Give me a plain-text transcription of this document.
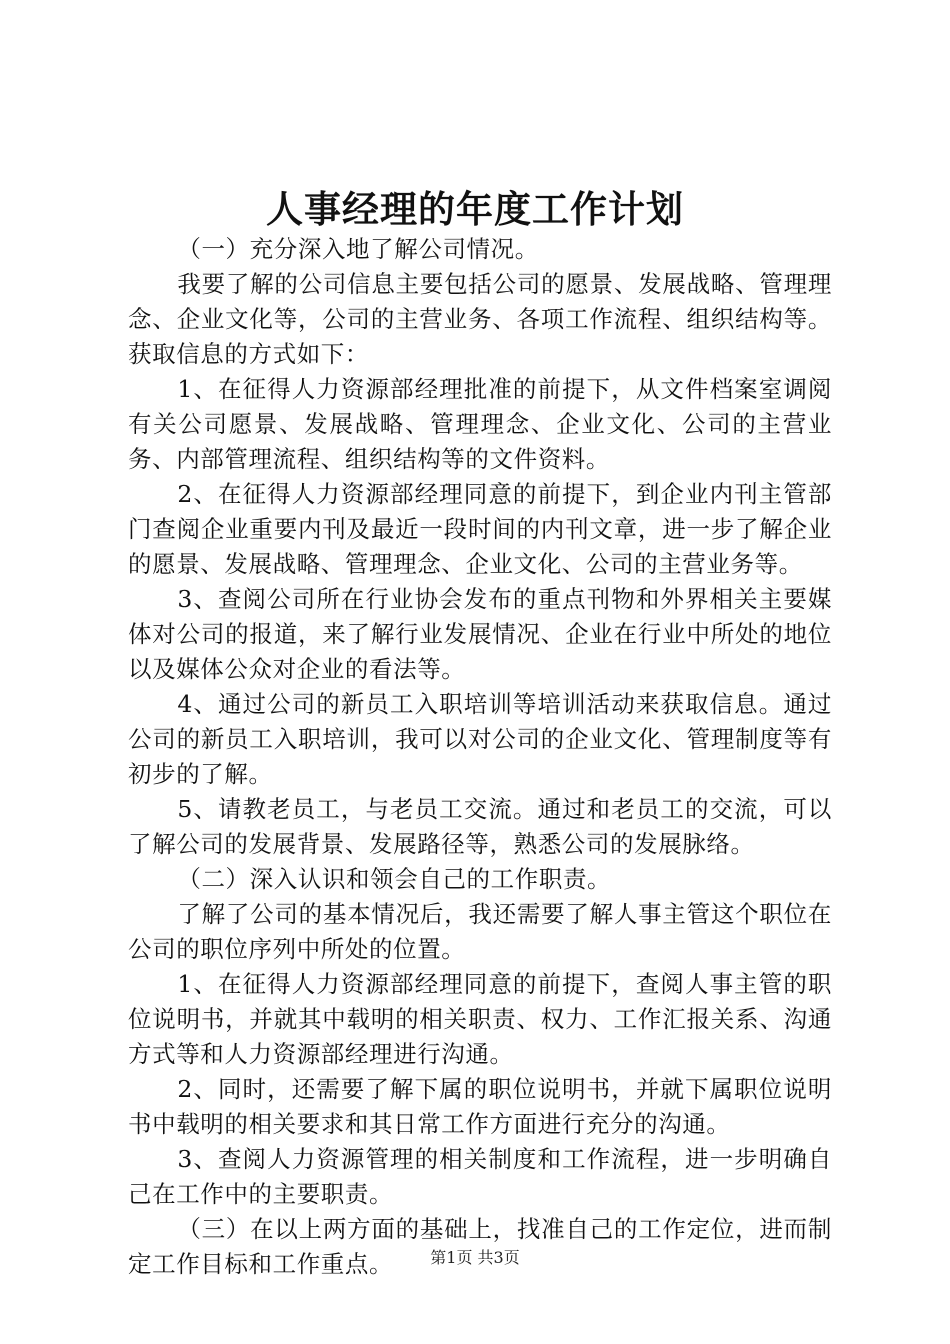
人事经理的年度工作计划

（一）充分深入地了解公司情况。

我要了解的公司信息主要包括公司的愿景、发展战略、管理理念、企业文化等，公司的主营业务、各项工作流程、组织结构等。获取信息的方式如下：

1、在征得人力资源部经理批准的前提下，从文件档案室调阅有关公司愿景、发展战略、管理理念、企业文化、公司的主营业务、内部管理流程、组织结构等的文件资料。

2、在征得人力资源部经理同意的前提下，到企业内刊主管部门查阅企业重要内刊及最近一段时间的内刊文章，进一步了解企业的愿景、发展战略、管理理念、企业文化、公司的主营业务等。

3、查阅公司所在行业协会发布的重点刊物和外界相关主要媒体对公司的报道，来了解行业发展情况、企业在行业中所处的地位以及媒体公众对企业的看法等。

4、通过公司的新员工入职培训等培训活动来获取信息。通过公司的新员工入职培训，我可以对公司的企业文化、管理制度等有初步的了解。

5、请教老员工，与老员工交流。通过和老员工的交流，可以了解公司的发展背景、发展路径等，熟悉公司的发展脉络。

（二）深入认识和领会自己的工作职责。

了解了公司的基本情况后，我还需要了解人事主管这个职位在公司的职位序列中所处的位置。

1、在征得人力资源部经理同意的前提下，查阅人事主管的职位说明书，并就其中载明的相关职责、权力、工作汇报关系、沟通方式等和人力资源部经理进行沟通。

2、同时，还需要了解下属的职位说明书，并就下属职位说明书中载明的相关要求和其日常工作方面进行充分的沟通。

3、查阅人力资源管理的相关制度和工作流程，进一步明确自己在工作中的主要职责。

（三）在以上两方面的基础上，找准自己的工作定位，进而制定工作目标和工作重点。	第1页 共3页
